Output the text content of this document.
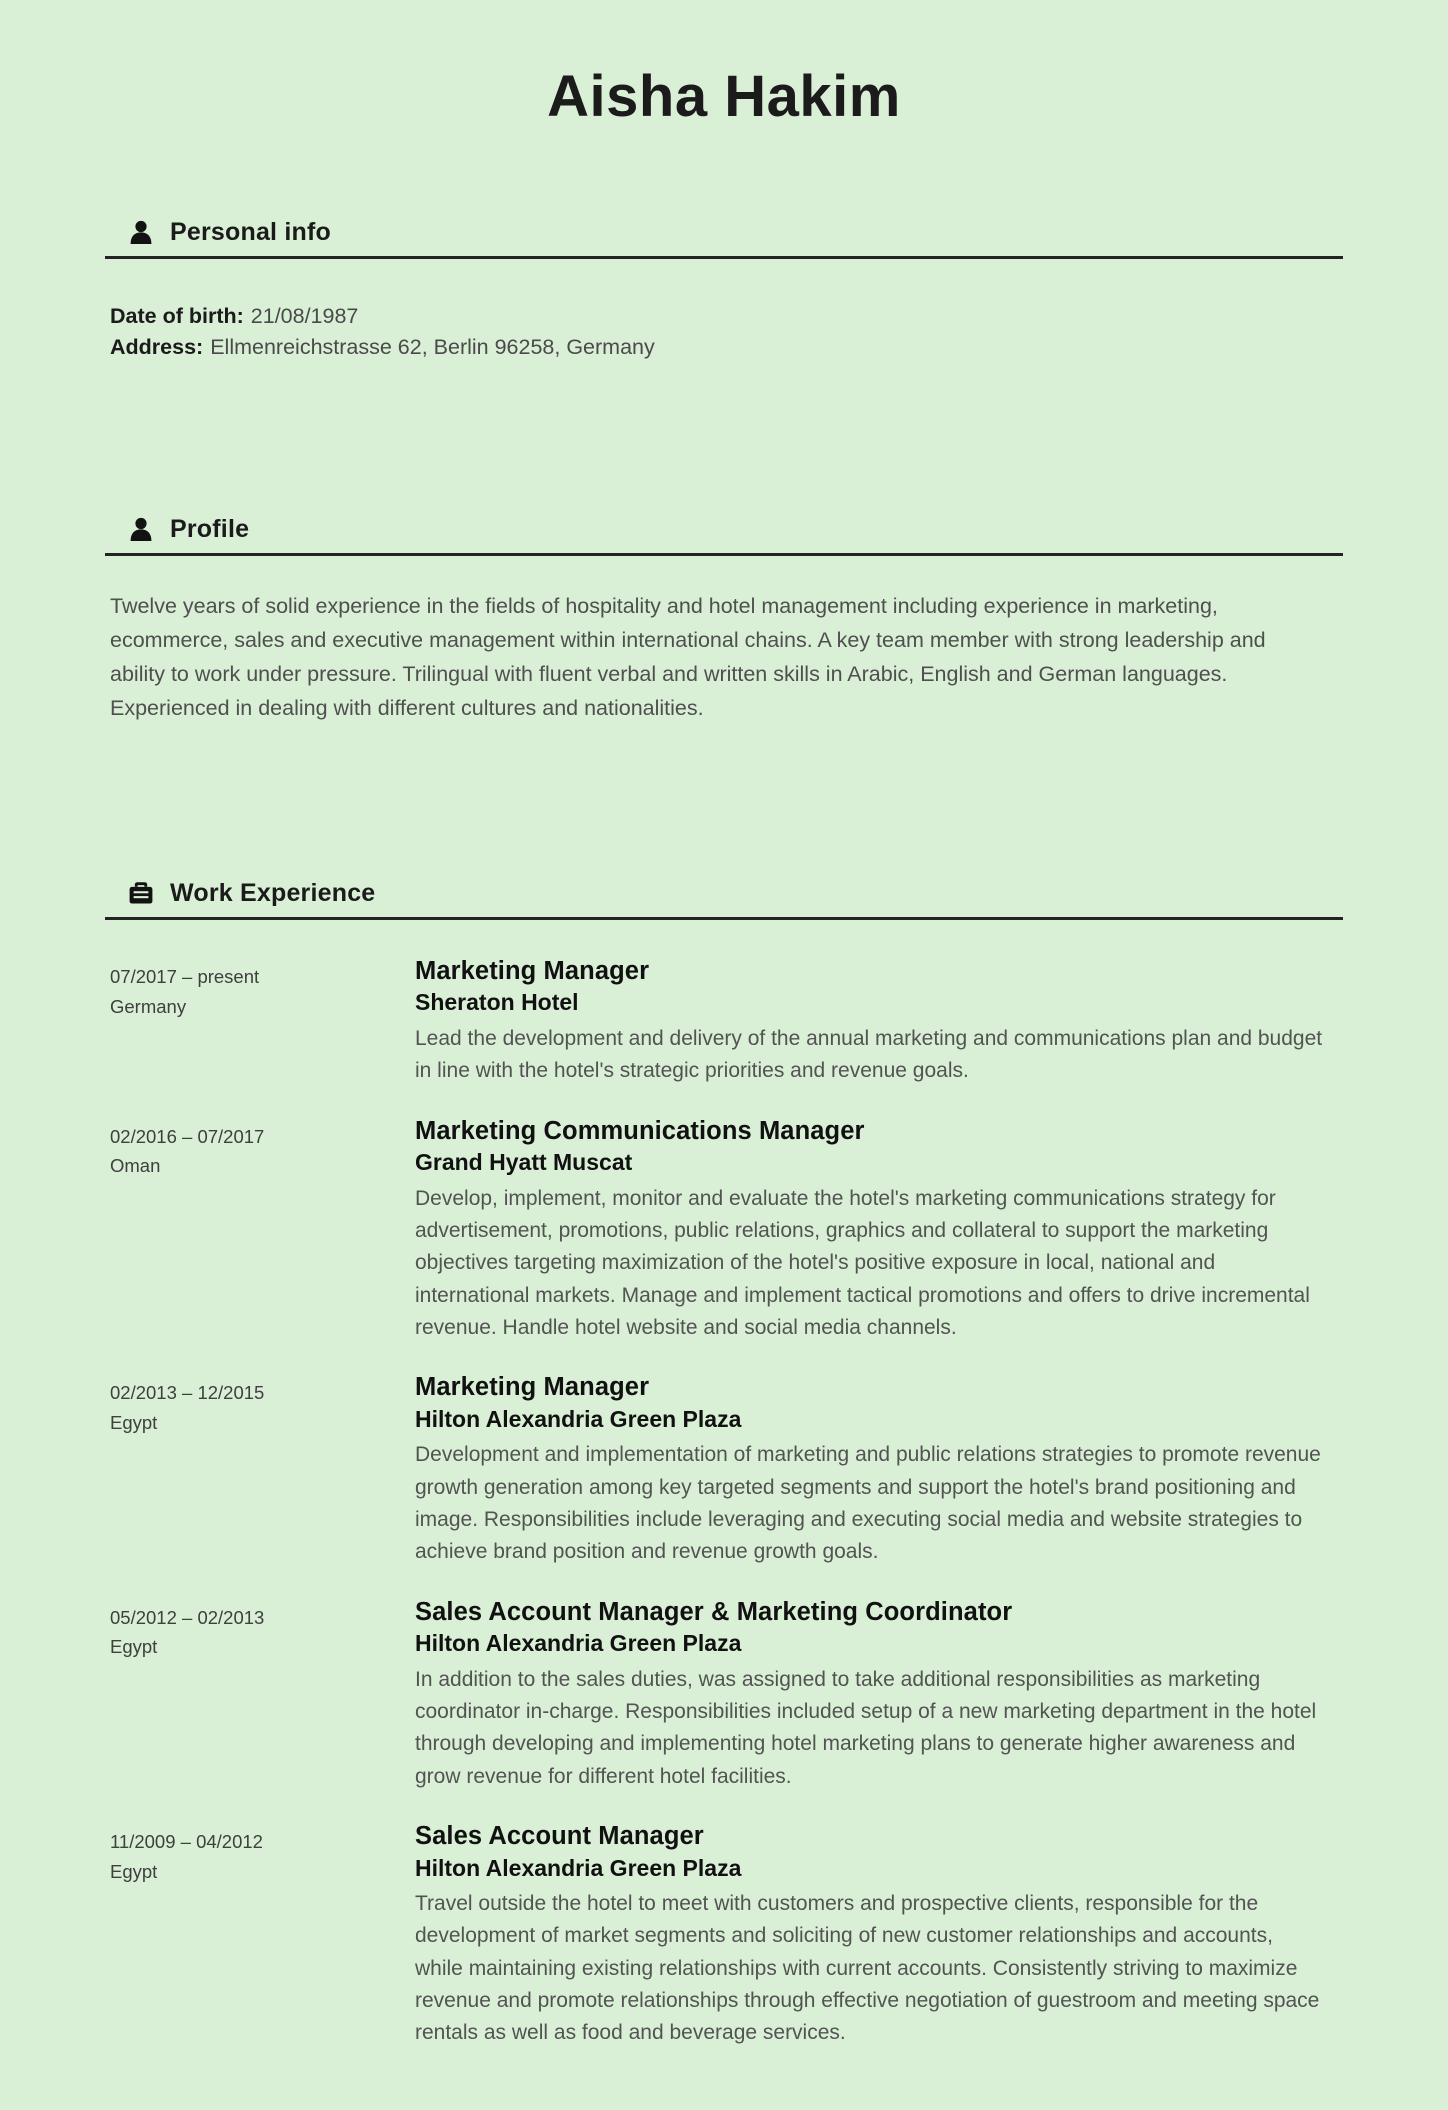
Aisha Hakim
Personal info
Date of birth: 21/08/1987
Address: Ellmenreichstrasse 62, Berlin 96258, Germany
Profile
Twelve years of solid experience in the fields of hospitality and hotel management including experience in marketing, ecommerce, sales and executive management within international chains. A key team member with strong leadership and ability to work under pressure. Trilingual with fluent verbal and written skills in Arabic, English and German languages. Experienced in dealing with different cultures and nationalities.
Work Experience
07/2017 – present
Germany
Marketing Manager
Sheraton Hotel
Lead the development and delivery of the annual marketing and communications plan and budget in line with the hotel's strategic priorities and revenue goals.
02/2016 – 07/2017
Oman
Marketing Communications Manager
Grand Hyatt Muscat
Develop, implement, monitor and evaluate the hotel's marketing communications strategy for advertisement, promotions, public relations, graphics and collateral to support the marketing objectives targeting maximization of the hotel's positive exposure in local, national and international markets. Manage and implement tactical promotions and offers to drive incremental revenue. Handle hotel website and social media channels.
02/2013 – 12/2015
Egypt
Marketing Manager
Hilton Alexandria Green Plaza
Development and implementation of marketing and public relations strategies to promote revenue growth generation among key targeted segments and support the hotel's brand positioning and image. Responsibilities include leveraging and executing social media and website strategies to achieve brand position and revenue growth goals.
05/2012 – 02/2013
Egypt
Sales Account Manager & Marketing Coordinator
Hilton Alexandria Green Plaza
In addition to the sales duties, was assigned to take additional responsibilities as marketing coordinator in-charge. Responsibilities included setup of a new marketing department in the hotel through developing and implementing hotel marketing plans to generate higher awareness and grow revenue for different hotel facilities.
11/2009 – 04/2012
Egypt
Sales Account Manager
Hilton Alexandria Green Plaza
Travel outside the hotel to meet with customers and prospective clients, responsible for the development of market segments and soliciting of new customer relationships and accounts, while maintaining existing relationships with current accounts. Consistently striving to maximize revenue and promote relationships through effective negotiation of guestroom and meeting space rentals as well as food and beverage services.
